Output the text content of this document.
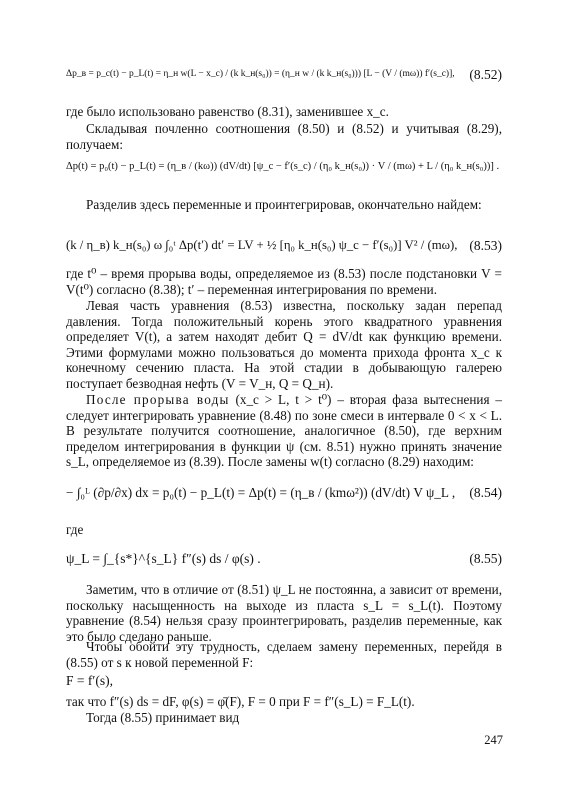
Δp_в = p_с(t) − p_L(t) = η_н w(L − x_с) / (k k_н(s₀)) = (η_н w / (k k_н(s₀))) [L − (V / (mω)) f′(s_с)], (8.52)
где было использовано равенство (8.31), заменившее x_с.
Складывая почленно соотношения (8.50) и (8.52) и учитывая (8.29), получаем:
Δp(t) = p₀(t) − p_L(t) = (η_в / (kω)) (dV/dt) [ψ_с − f′(s_с) / (η₀ k_н(s₀)) · V / (mω) + L / (η₀ k_н(s₀))] .
Разделив здесь переменные и проинтегрировав, окончательно найдем:
(k / η_в) k_н(s₀) ω ∫₀ᵗ Δp(t′) dt′ = LV + ½ [η₀ k_н(s₀) ψ_с − f′(s₀)] V² / (mω), (8.53)
где t⁰ – время прорыва воды, определяемое из (8.53) после подстановки V = V(t⁰) согласно (8.38); t′ – переменная интегрирования по времени.
Левая часть уравнения (8.53) известна, поскольку задан перепад давления. Тогда положительный корень этого квадратного уравнения определяет V(t), а затем находят дебит Q = dV/dt как функцию времени. Этими формулами можно пользоваться до момента прихода фронта x_с к конечному сечению пласта. На этой стадии в добывающую галерею поступает безводная нефть (V = V_н, Q = Q_н).
После прорыва воды (x_с > L, t > t⁰) – вторая фаза вытеснения – следует интегрировать уравнение (8.48) по зоне смеси в интервале 0 < x < L. В результате получится соотношение, аналогичное (8.50), где верхним пределом интегрирования в функции ψ (см. 8.51) нужно принять значение s_L, определяемое из (8.39). После замены w(t) согласно (8.29) находим:
− ∫₀ᴸ (∂p/∂x) dx = p₀(t) − p_L(t) = Δp(t) = (η_в / (kmω²)) (dV/dt) V ψ_L , (8.54)
где
ψ_L = ∫_{s*}^{s_L} f″(s) ds / φ(s) .	(8.55)
Заметим, что в отличие от (8.51) ψ_L не постоянна, а зависит от времени, поскольку насыщенность на выходе из пласта s_L = s_L(t). Поэтому уравнение (8.54) нельзя сразу проинтегрировать, разделив переменные, как это было сделано раньше.
Чтобы обойти эту трудность, сделаем замену переменных, перейдя в (8.55) от s к новой переменной F:
F = f′(s),
так что f″(s) ds = dF, φ(s) = φ̄(F), F = 0 при F = f″(s_L) = F_L(t).
Тогда (8.55) принимает вид
247
